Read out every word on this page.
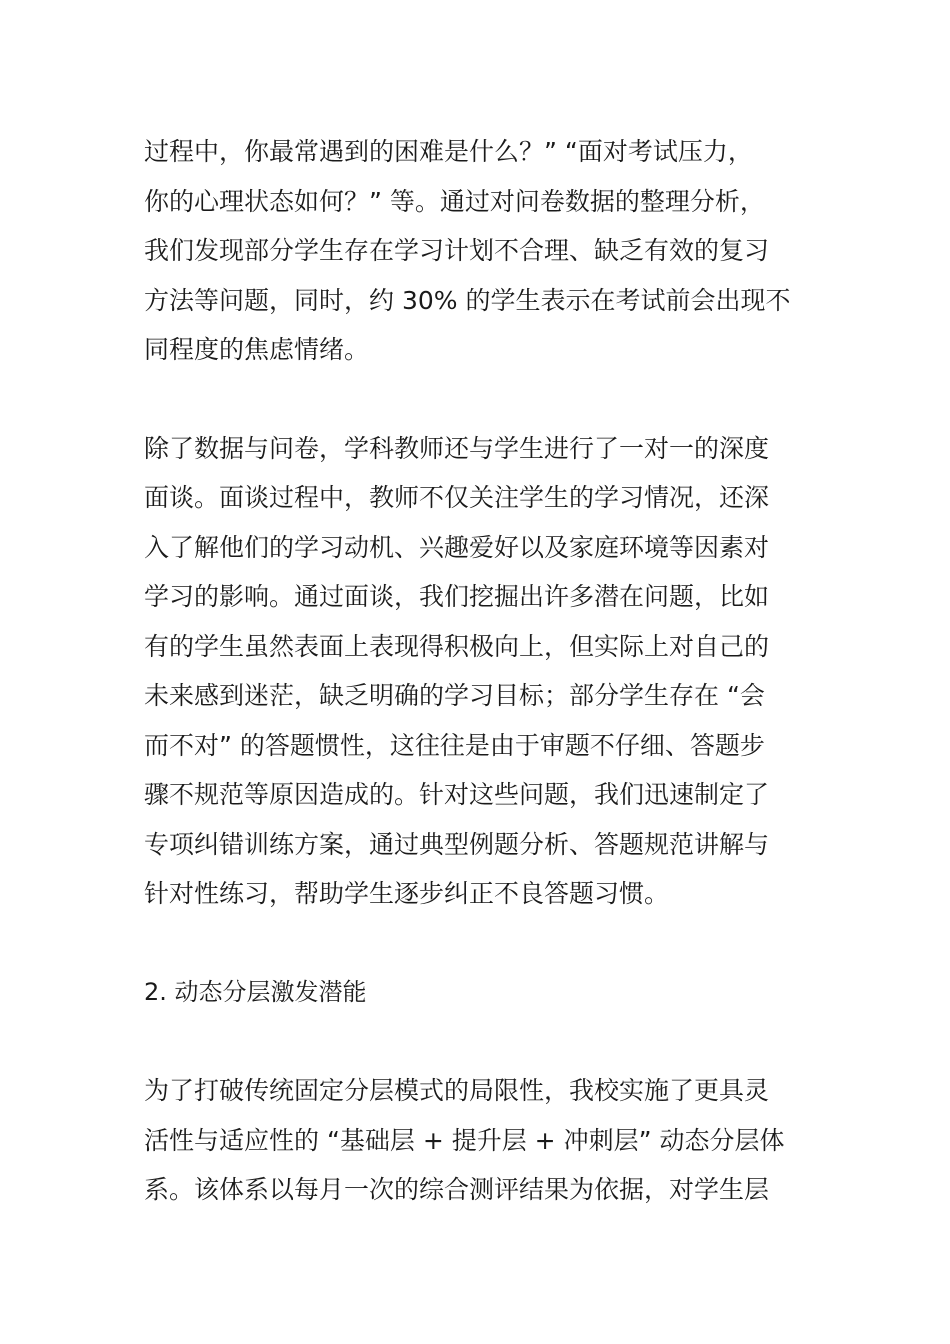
过程中，你最常遇到的困难是什么？” “面对考试压力，
你的心理状态如何？” 等。通过对问卷数据的整理分析，
我们发现部分学生存在学习计划不合理、缺乏有效的复习
方法等问题，同时，约 30% 的学生表示在考试前会出现不
同程度的焦虑情绪。
除了数据与问卷，学科教师还与学生进行了一对一的深度
面谈。面谈过程中，教师不仅关注学生的学习情况，还深
入了解他们的学习动机、兴趣爱好以及家庭环境等因素对
学习的影响。通过面谈，我们挖掘出许多潜在问题，比如
有的学生虽然表面上表现得积极向上，但实际上对自己的
未来感到迷茫，缺乏明确的学习目标；部分学生存在 “会
而不对” 的答题惯性，这往往是由于审题不仔细、答题步
骤不规范等原因造成的。针对这些问题，我们迅速制定了
专项纠错训练方案，通过典型例题分析、答题规范讲解与
针对性练习，帮助学生逐步纠正不良答题习惯。
2. 动态分层激发潜能
为了打破传统固定分层模式的局限性，我校实施了更具灵
活性与适应性的 “基础层 + 提升层 + 冲刺层” 动态分层体
系。该体系以每月一次的综合测评结果为依据，对学生层
